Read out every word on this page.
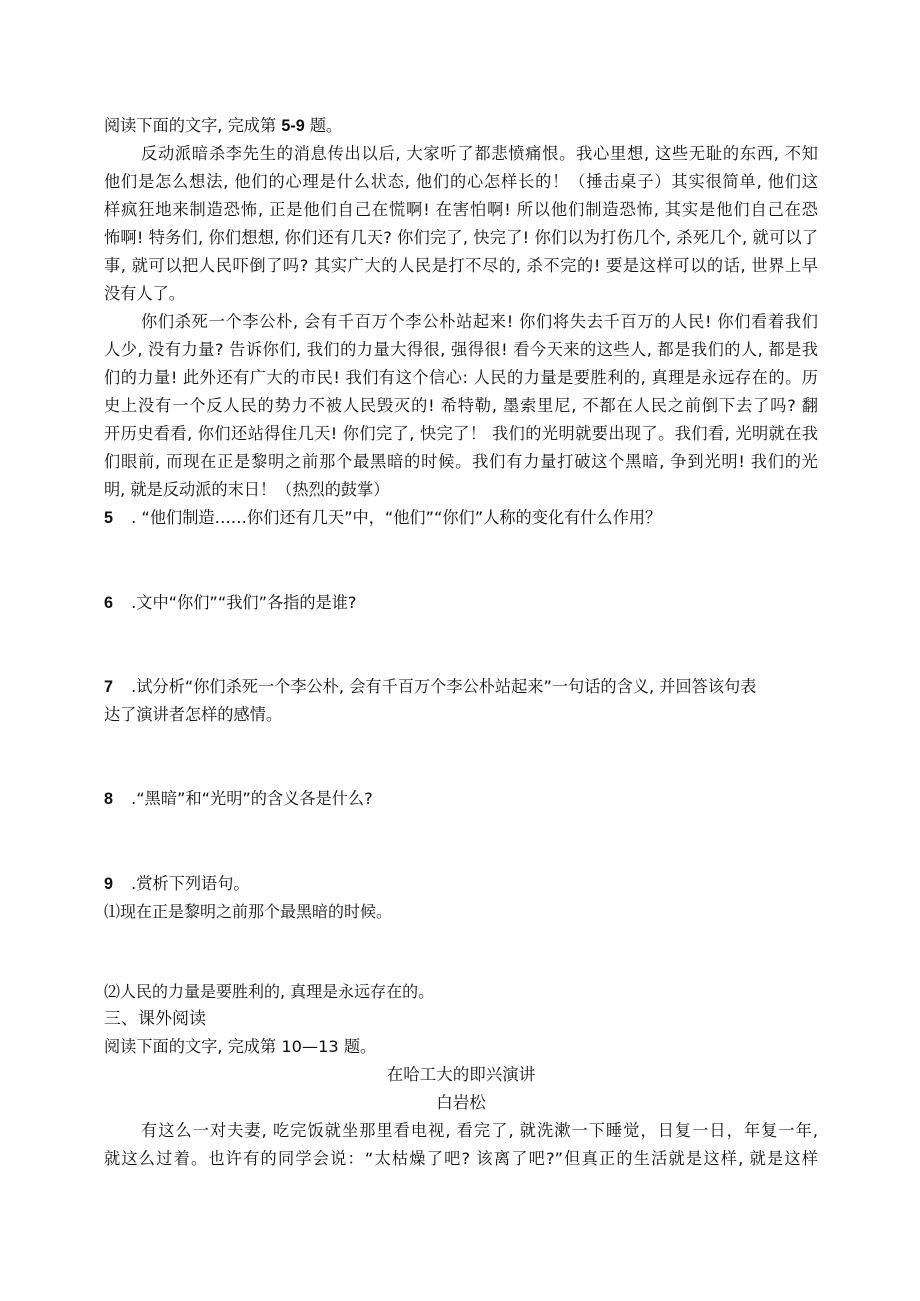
阅读下面的文字, 完成第 5-9 题。
反动派暗杀李先生的消息传出以后, 大家听了都悲愤痛恨。我心里想, 这些无耻的东西, 不知
他们是怎么想法, 他们的心理是什么状态, 他们的心怎样长的！（捶击桌子）其实很简单, 他们这
样疯狂地来制造恐怖, 正是他们自己在慌啊! 在害怕啊! 所以他们制造恐怖, 其实是他们自己在恐
怖啊! 特务们, 你们想想, 你们还有几天? 你们完了, 快完了! 你们以为打伤几个, 杀死几个, 就可以了
事, 就可以把人民吓倒了吗? 其实广大的人民是打不尽的, 杀不完的! 要是这样可以的话, 世界上早
没有人了。
你们杀死一个李公朴, 会有千百万个李公朴站起来! 你们将失去千百万的人民! 你们看着我们
人少, 没有力量? 告诉你们, 我们的力量大得很, 强得很! 看今天来的这些人, 都是我们的人, 都是我
们的力量! 此外还有广大的市民! 我们有这个信心: 人民的力量是要胜利的, 真理是永远存在的。历
史上没有一个反人民的势力不被人民毁灭的! 希特勒, 墨索里尼, 不都在人民之前倒下去了吗? 翻
开历史看看, 你们还站得住几天! 你们完了, 快完了！ 我们的光明就要出现了。我们看, 光明就在我
们眼前, 而现在正是黎明之前那个最黑暗的时候。我们有力量打破这个黑暗, 争到光明! 我们的光
明, 就是反动派的末日！（热烈的鼓掌）
5 . “他们制造……你们还有几天”中，“他们”“你们”人称的变化有什么作用？
6 .文中“你们”“我们”各指的是谁?
7 .试分析“你们杀死一个李公朴, 会有千百万个李公朴站起来”一句话的含义, 并回答该句表
达了演讲者怎样的感情。
8 .“黑暗”和“光明”的含义各是什么?
9 .赏析下列语句。
⑴现在正是黎明之前那个最黑暗的时候。
⑵人民的力量是要胜利的, 真理是永远存在的。
三、课外阅读
阅读下面的文字, 完成第 10—13 题。
在哈工大的即兴演讲
白岩松
有这么一对夫妻, 吃完饭就坐那里看电视, 看完了, 就洗漱一下睡觉，日复一日，年复一年,
就这么过着。也许有的同学会说：“太枯燥了吧? 该离了吧?”但真正的生活就是这样, 就是这样
